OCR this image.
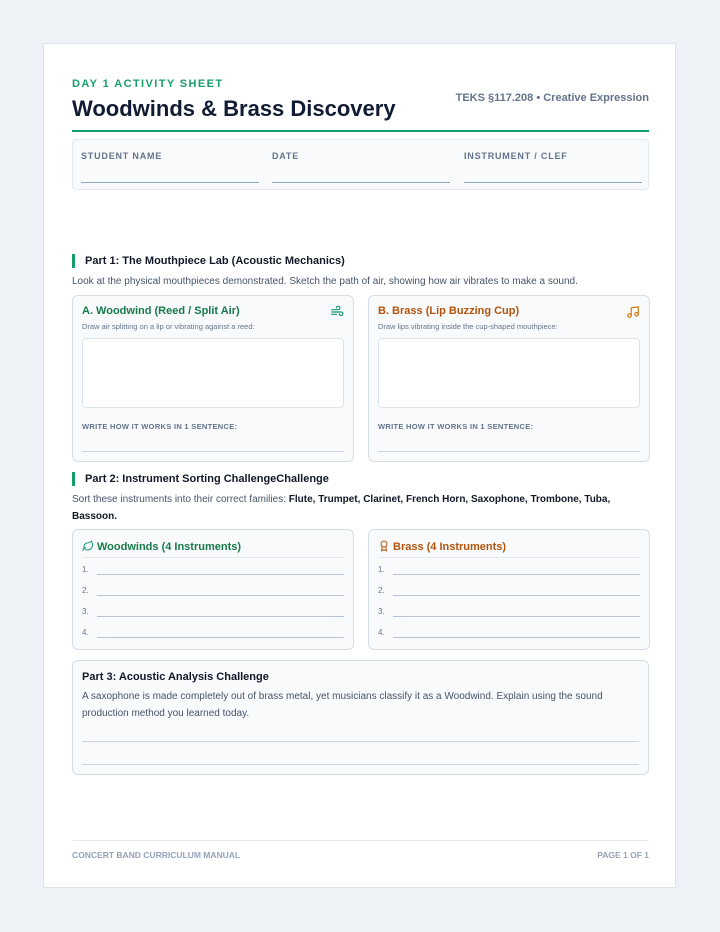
DAY 1 ACTIVITY SHEET
Woodwinds & Brass Discovery	TEKS §117.208 • Creative Expression
STUDENT NAME	DATE	INSTRUMENT / CLEF
Part 1: The Mouthpiece Lab (Acoustic Mechanics)
Look at the physical mouthpieces demonstrated. Sketch the path of air, showing how air vibrates to make a sound.
A. Woodwind (Reed / Split Air)
Draw air splitting on a lip or vibrating against a reed:
WRITE HOW IT WORKS IN 1 SENTENCE:
B. Brass (Lip Buzzing Cup)
Draw lips vibrating inside the cup-shaped mouthpiece:
WRITE HOW IT WORKS IN 1 SENTENCE:
Part 2: Instrument Sorting ChallengeChallenge
Sort these instruments into their correct families: Flute, Trumpet, Clarinet, French Horn, Saxophone, Trombone, Tuba, Bassoon.
Woodwinds (4 Instruments)
1.
2.
3.
4.
Brass (4 Instruments)
1.
2.
3.
4.
Part 3: Acoustic Analysis Challenge
A saxophone is made completely out of brass metal, yet musicians classify it as a Woodwind. Explain using the sound production method you learned today.
CONCERT BAND CURRICULUM MANUAL	PAGE 1 OF 1
